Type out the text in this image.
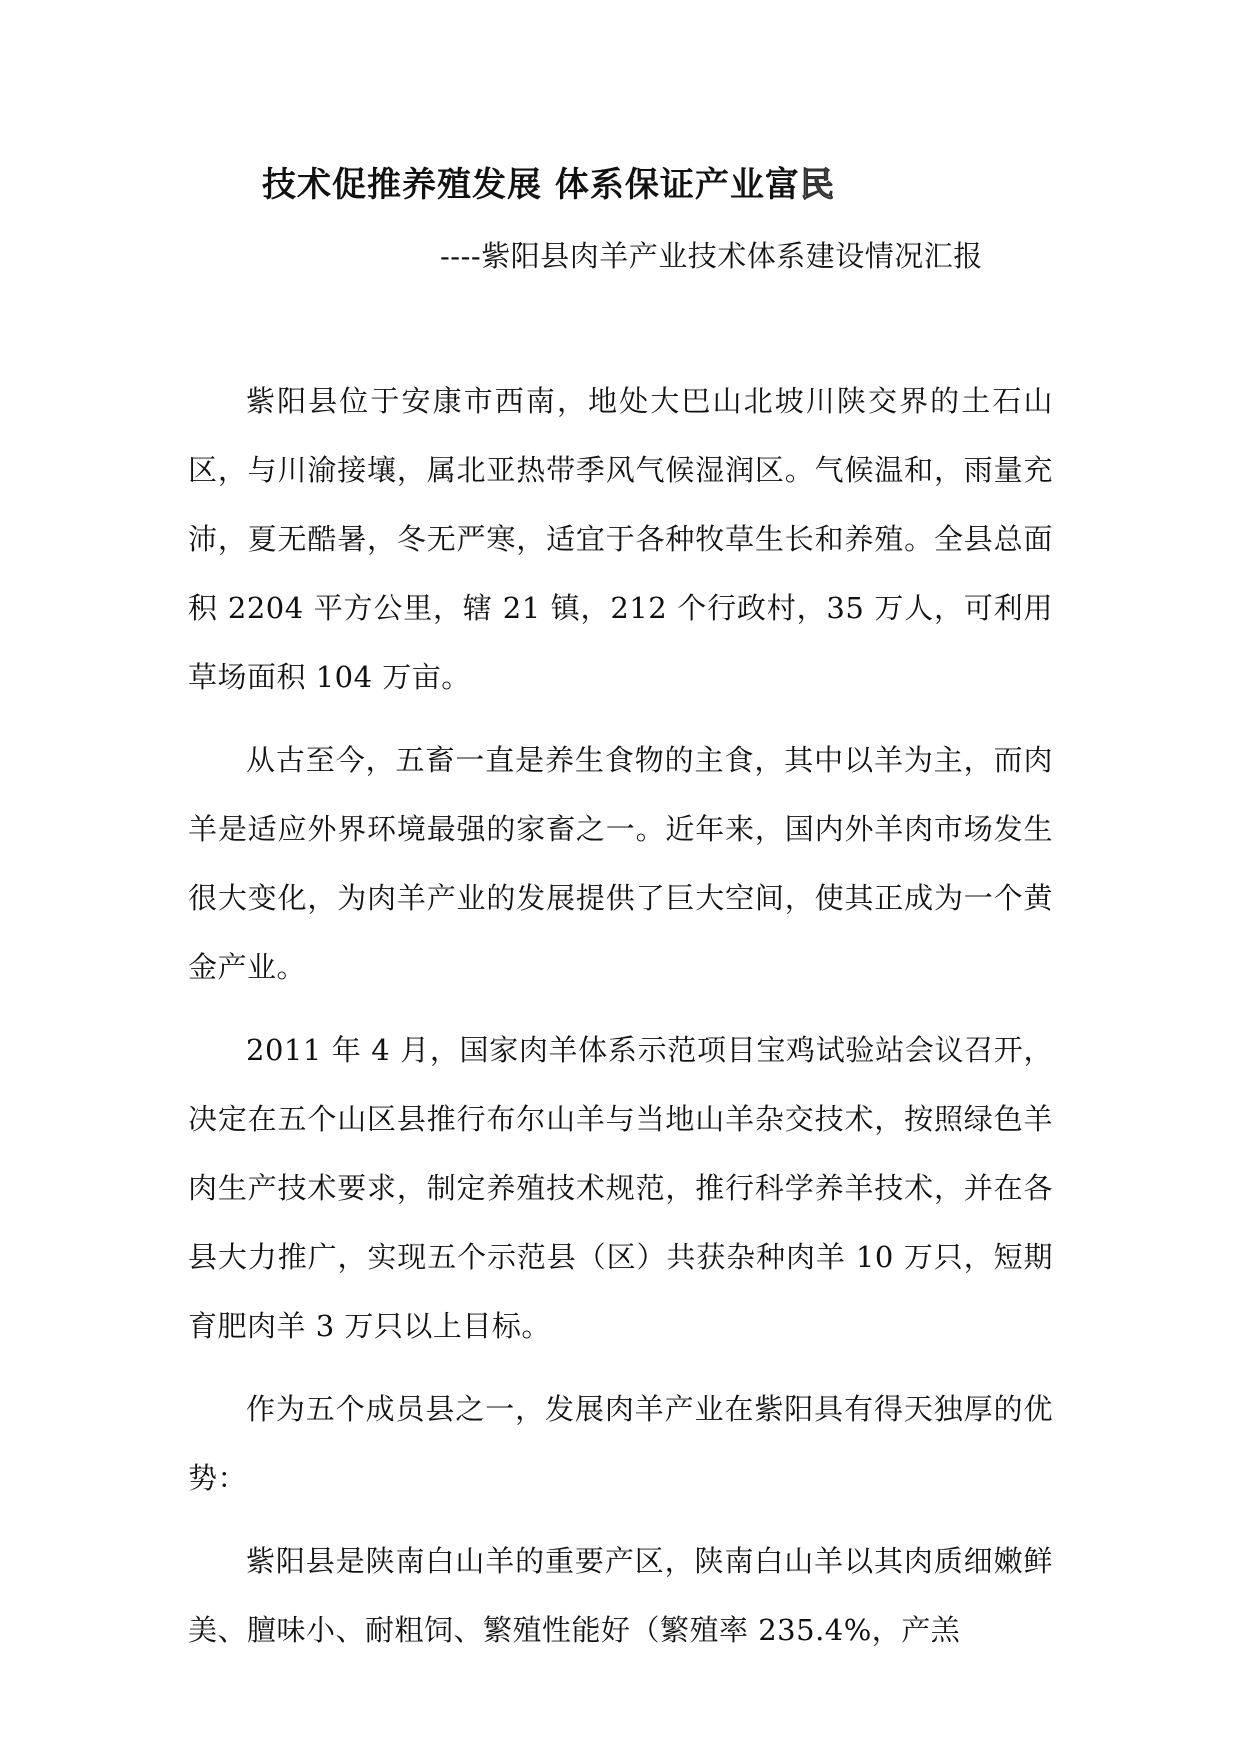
技术促推养殖发展 体系保证产业富民
----紫阳县肉羊产业技术体系建设情况汇报

紫阳县位于安康市西南，地处大巴山北坡川陕交界的土石山区，与川渝接壤，属北亚热带季风气候湿润区。气候温和，雨量充沛，夏无酷暑，冬无严寒，适宜于各种牧草生长和养殖。全县总面积 2204 平方公里，辖 21 镇，212 个行政村，35 万人，可利用草场面积 104 万亩。

从古至今，五畜一直是养生食物的主食，其中以羊为主，而肉羊是适应外界环境最强的家畜之一。近年来，国内外羊肉市场发生很大变化，为肉羊产业的发展提供了巨大空间，使其正成为一个黄金产业。

2011 年 4 月，国家肉羊体系示范项目宝鸡试验站会议召开，决定在五个山区县推行布尔山羊与当地山羊杂交技术，按照绿色羊肉生产技术要求，制定养殖技术规范，推行科学养羊技术，并在各县大力推广，实现五个示范县（区）共获杂种肉羊 10 万只，短期育肥肉羊 3 万只以上目标。

作为五个成员县之一，发展肉羊产业在紫阳具有得天独厚的优势：

紫阳县是陕南白山羊的重要产区，陕南白山羊以其肉质细嫩鲜美、膻味小、耐粗饲、繁殖性能好（繁殖率 235.4%，产羔
